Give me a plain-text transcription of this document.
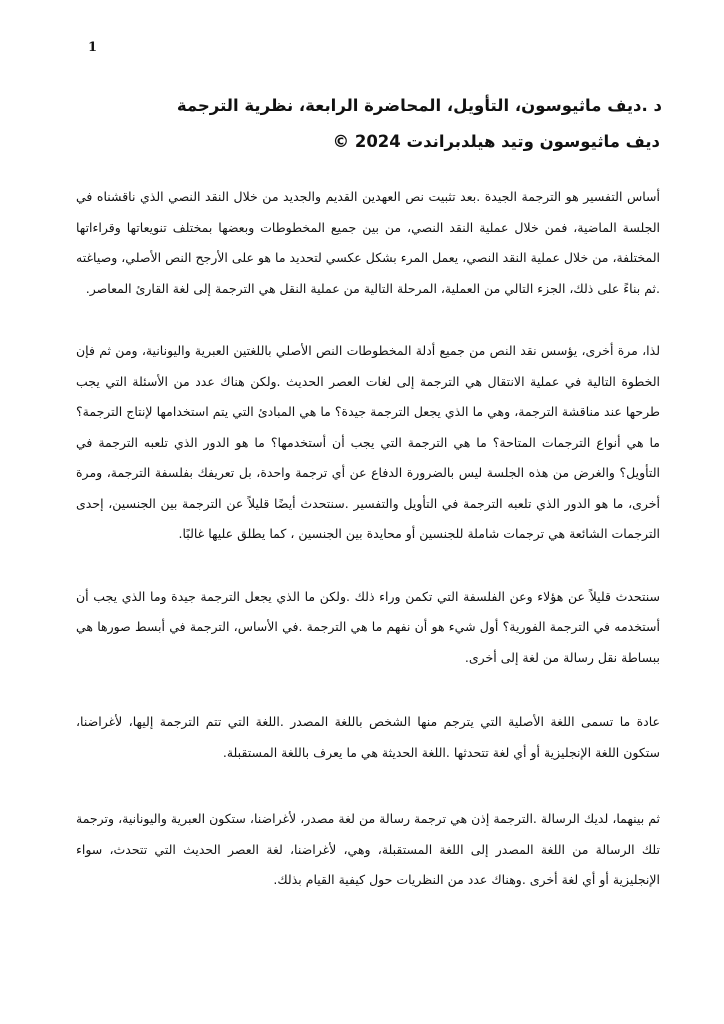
1
د .ديف ماثيوسون، التأويل، المحاضرة الرابعة، نظرية الترجمة
ديف ماثيوسون وتيد هيلدبراندت 2024 ©

أساس التفسير هو الترجمة الجيدة .بعد تثبيت نص العهدين القديم والجديد من خلال النقد النصي الذي ناقشناه في الجلسة الماضية، فمن خلال عملية النقد النصي، من بين جميع المخطوطات وبعضها بمختلف تنويعاتها وقراءاتها المختلفة، من خلال عملية النقد النصي، يعمل المرء بشكل عكسي لتحديد ما هو على الأرجح النص الأصلي، وصياغته .ثم بناءً على ذلك، الجزء التالي من العملية، المرحلة التالية من عملية النقل هي الترجمة إلى لغة القارئ المعاصر.

لذا، مرة أخرى، يؤسس نقد النص من جميع أدلة المخطوطات النص الأصلي باللغتين العبرية واليونانية، ومن ثم فإن الخطوة التالية في عملية الانتقال هي الترجمة إلى لغات العصر الحديث .ولكن هناك عدد من الأسئلة التي يجب طرحها عند مناقشة الترجمة، وهي ما الذي يجعل الترجمة جيدة؟ ما هي المبادئ التي يتم استخدامها لإنتاج الترجمة؟ ما هي أنواع الترجمات المتاحة؟ ما هي الترجمة التي يجب أن أستخدمها؟ ما هو الدور الذي تلعبه الترجمة في التأويل؟ والغرض من هذه الجلسة ليس بالضرورة الدفاع عن أي ترجمة واحدة، بل تعريفك بفلسفة الترجمة، ومرة أخرى، ما هو الدور الذي تلعبه الترجمة في التأويل والتفسير .سنتحدث أيضًا قليلاً عن الترجمة بين الجنسين، إحدى الترجمات الشائعة هي ترجمات شاملة للجنسين أو محايدة بين الجنسين ، كما يطلق عليها غالبًا.

سنتحدث قليلاً عن هؤلاء وعن الفلسفة التي تكمن وراء ذلك .ولكن ما الذي يجعل الترجمة جيدة وما الذي يجب أن أستخدمه في الترجمة الفورية؟ أول شيء هو أن نفهم ما هي الترجمة .في الأساس، الترجمة في أبسط صورها هي ببساطة نقل رسالة من لغة إلى أخرى.

عادة ما تسمى اللغة الأصلية التي يترجم منها الشخص باللغة المصدر .اللغة التي تتم الترجمة إليها، لأغراضنا، ستكون اللغة الإنجليزية أو أي لغة تتحدثها .اللغة الحديثة هي ما يعرف باللغة المستقبلة.

ثم بينهما، لديك الرسالة .الترجمة إذن هي ترجمة رسالة من لغة مصدر، لأغراضنا، ستكون العبرية واليونانية، وترجمة تلك الرسالة من اللغة المصدر إلى اللغة المستقبلة، وهي، لأغراضنا، لغة العصر الحديث التي تتحدث، سواء الإنجليزية أو أي لغة أخرى .وهناك عدد من النظريات حول كيفية القيام بذلك.
